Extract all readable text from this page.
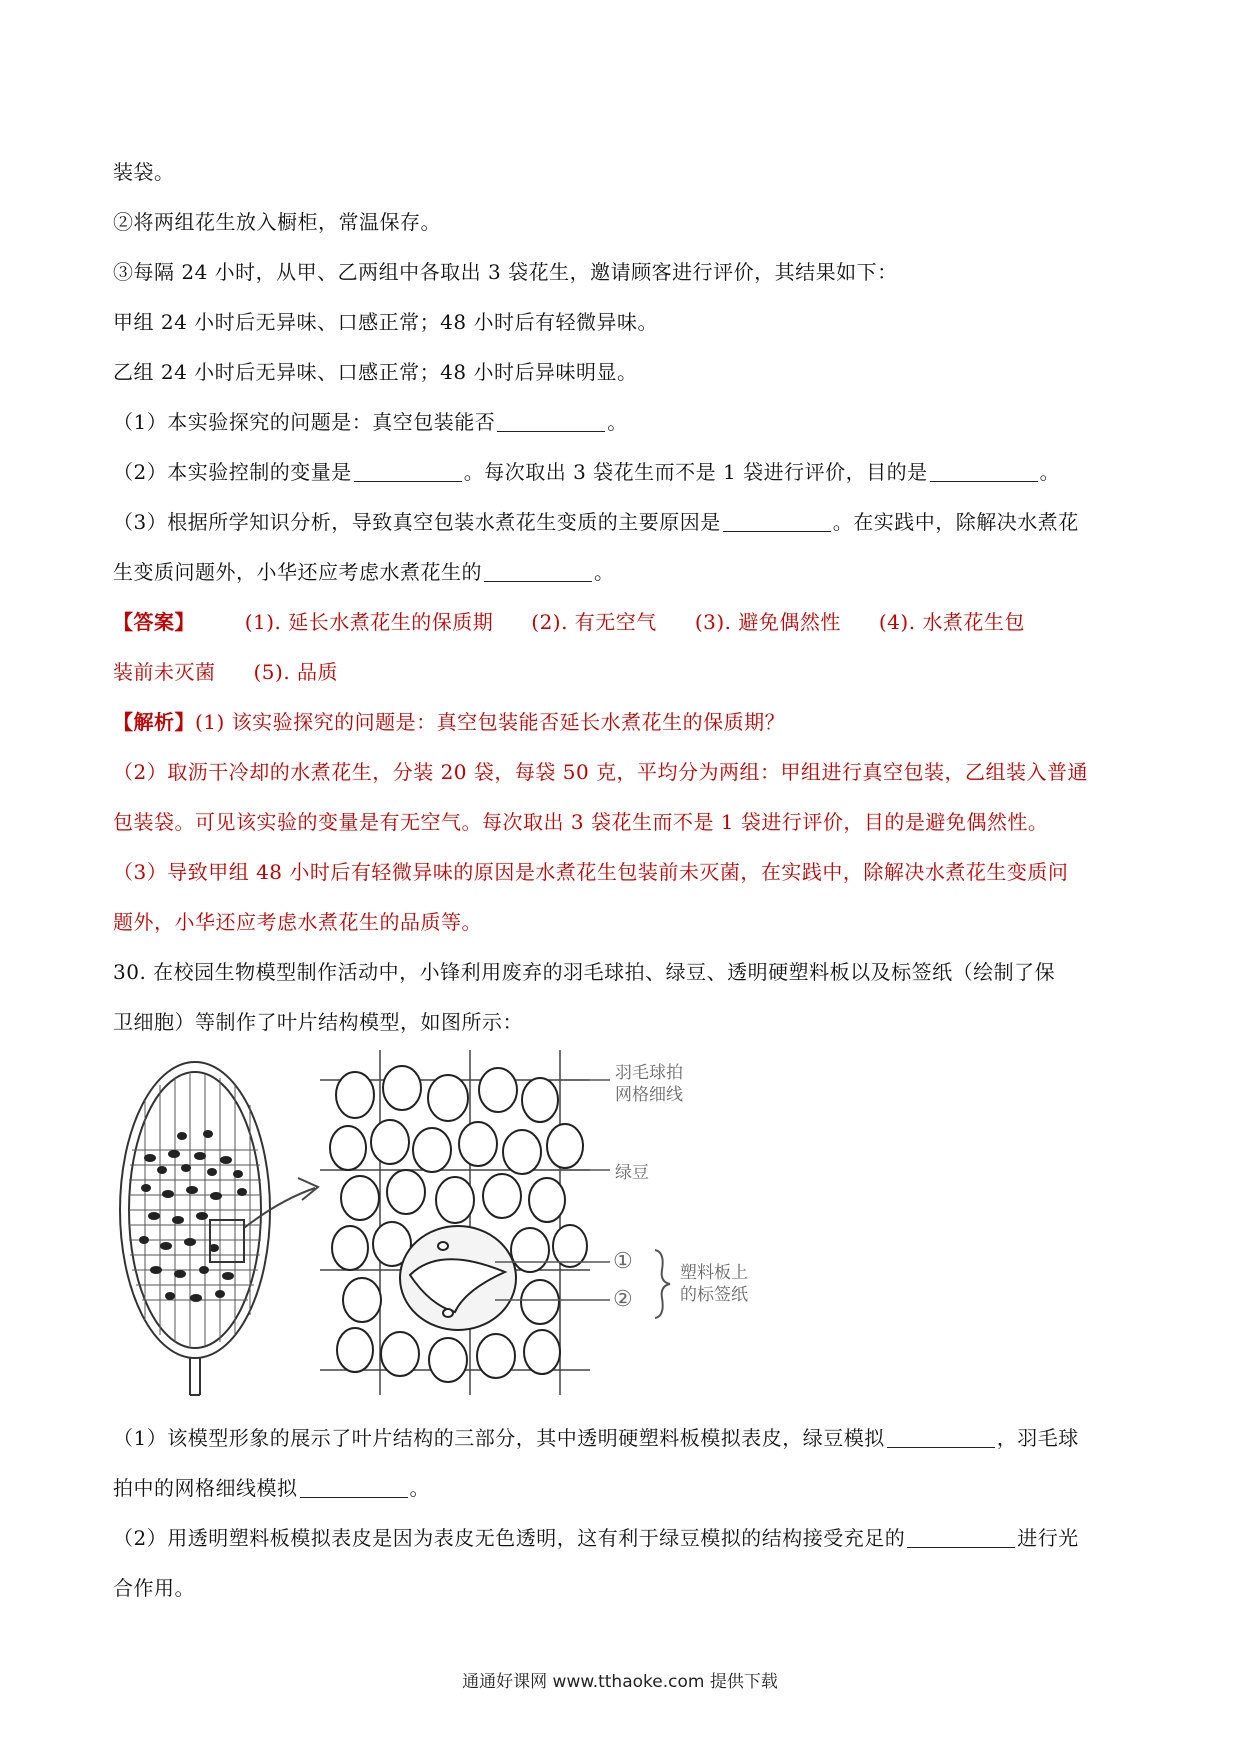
装袋。
②将两组花生放入橱柜，常温保存。
③每隔 24 小时，从甲、乙两组中各取出 3 袋花生，邀请顾客进行评价，其结果如下：
甲组 24 小时后无异味、口感正常；48 小时后有轻微异味。
乙组 24 小时后无异味、口感正常；48 小时后异味明显。
（1）本实验探究的问题是：真空包装能否	。
（2）本实验控制的变量是	。每次取出 3 袋花生而不是 1 袋进行评价，目的是	。
（3）根据所学知识分析，导致真空包装水煮花生变质的主要原因是	。在实践中，除解决水煮花
生变质问题外，小华还应考虑水煮花生的	。
【答案】 (1). 延长水煮花生的保质期 (2). 有无空气 (3). 避免偶然性 (4). 水煮花生包
装前未灭菌 (5). 品质
【解析】(1) 该实验探究的问题是：真空包装能否延长水煮花生的保质期？
（2）取沥干冷却的水煮花生，分装 20 袋，每袋 50 克，平均分为两组：甲组进行真空包装，乙组装入普通
包装袋。可见该实验的变量是有无空气。每次取出 3 袋花生而不是 1 袋进行评价，目的是避免偶然性。
（3）导致甲组 48 小时后有轻微异味的原因是水煮花生包装前未灭菌，在实践中，除解决水煮花生变质问
题外，小华还应考虑水煮花生的品质等。
30. 在校园生物模型制作活动中，小锋利用废弃的羽毛球拍、绿豆、透明硬塑料板以及标签纸（绘制了保
卫细胞）等制作了叶片结构模型，如图所示：
羽毛球拍
网格细线
绿豆
①
②
塑料板上
的标签纸
（1）该模型形象的展示了叶片结构的三部分，其中透明硬塑料板模拟表皮，绿豆模拟	，羽毛球
拍中的网格细线模拟	。
（2）用透明塑料板模拟表皮是因为表皮无色透明，这有利于绿豆模拟的结构接受充足的	进行光
合作用。
通通好课网 www.tthaoke.com 提供下载
